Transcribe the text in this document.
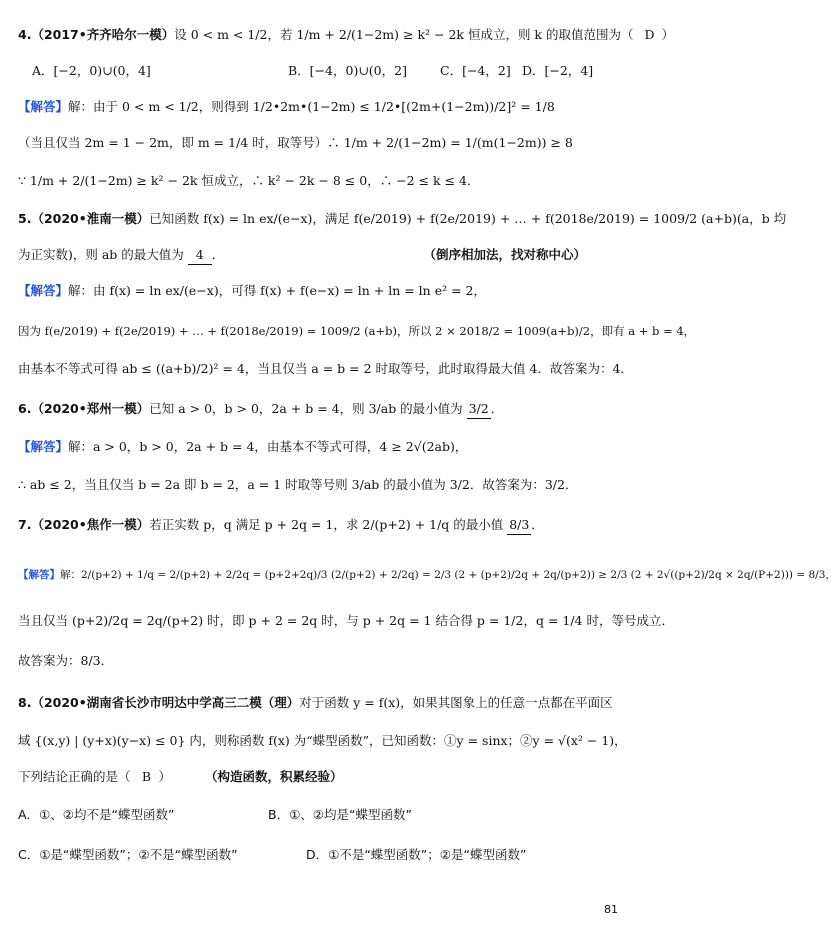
4.（2017•齐齐哈尔一模）设 0 < m < 1/2，若 1/m + 2/(1−2m) ≥ k² − 2k 恒成立，则 k 的取值范围为（ D ）
A．[−2，0)∪(0，4]	B．[−4，0)∪(0，2]	C．[−4，2] D．[−2，4]
【解答】解：由于 0 < m < 1/2，则得到 1/2•2m•(1−2m) ≤ 1/2•[(2m+(1−2m))/2]² = 1/8
（当且仅当 2m = 1 − 2m，即 m = 1/4 时，取等号）∴ 1/m + 2/(1−2m) = 1/(m(1−2m)) ≥ 8
∵ 1/m + 2/(1−2m) ≥ k² − 2k 恒成立，∴ k² − 2k − 8 ≤ 0，∴ −2 ≤ k ≤ 4．
5.（2020•淮南一模）已知函数 f(x) = ln ex/(e−x)，满足 f(e/2019) + f(2e/2019) + … + f(2018e/2019) = 1009/2 (a+b)(a，b 均
为正实数)，则 ab 的最大值为 4 ．	（倒序相加法，找对称中心）
【解答】解：由 f(x) = ln ex/(e−x)，可得 f(x) + f(e−x) = ln + ln = ln e² = 2，
因为 f(e/2019) + f(2e/2019) + … + f(2018e/2019) = 1009/2 (a+b)，所以 2 × 2018/2 = 1009(a+b)/2，即有 a + b = 4，
由基本不等式可得 ab ≤ ((a+b)/2)² = 4，当且仅当 a = b = 2 时取等号，此时取得最大值 4．故答案为：4．
6.（2020•郑州一模）已知 a > 0，b > 0，2a + b = 4，则 3/ab 的最小值为 3/2 ．
【解答】解：a > 0，b > 0，2a + b = 4，由基本不等式可得，4 ≥ 2√(2ab)，
∴ ab ≤ 2，当且仅当 b = 2a 即 b = 2，a = 1 时取等号则 3/ab 的最小值为 3/2．故答案为：3/2．
7.（2020•焦作一模）若正实数 p，q 满足 p + 2q = 1，求 2/(p+2) + 1/q 的最小值 8/3 ．
【解答】解：2/(p+2) + 1/q = 2/(p+2) + 2/2q = (p+2+2q)/3 (2/(p+2) + 2/2q) = 2/3 (2 + (p+2)/2q + 2q/(p+2)) ≥ 2/3 (2 + 2√((p+2)/2q × 2q/(P+2))) = 8/3，
当且仅当 (p+2)/2q = 2q/(p+2) 时，即 p + 2 = 2q 时，与 p + 2q = 1 结合得 p = 1/2，q = 1/4 时，等号成立．
故答案为：8/3．
8.（2020•湖南省长沙市明达中学高三二模（理）对于函数 y = f(x)，如果其图象上的任意一点都在平面区
域 {(x,y) | (y+x)(y−x) ≤ 0} 内，则称函数 f(x) 为“蝶型函数”，已知函数：①y = sinx；②y = √(x² − 1)，
下列结论正确的是（ B ）	（构造函数，积累经验）
A．①、②均不是“蝶型函数”	B．①、②均是“蝶型函数”
C．①是“蝶型函数”；②不是“蝶型函数”	D．①不是“蝶型函数”；②是“蝶型函数”
81
